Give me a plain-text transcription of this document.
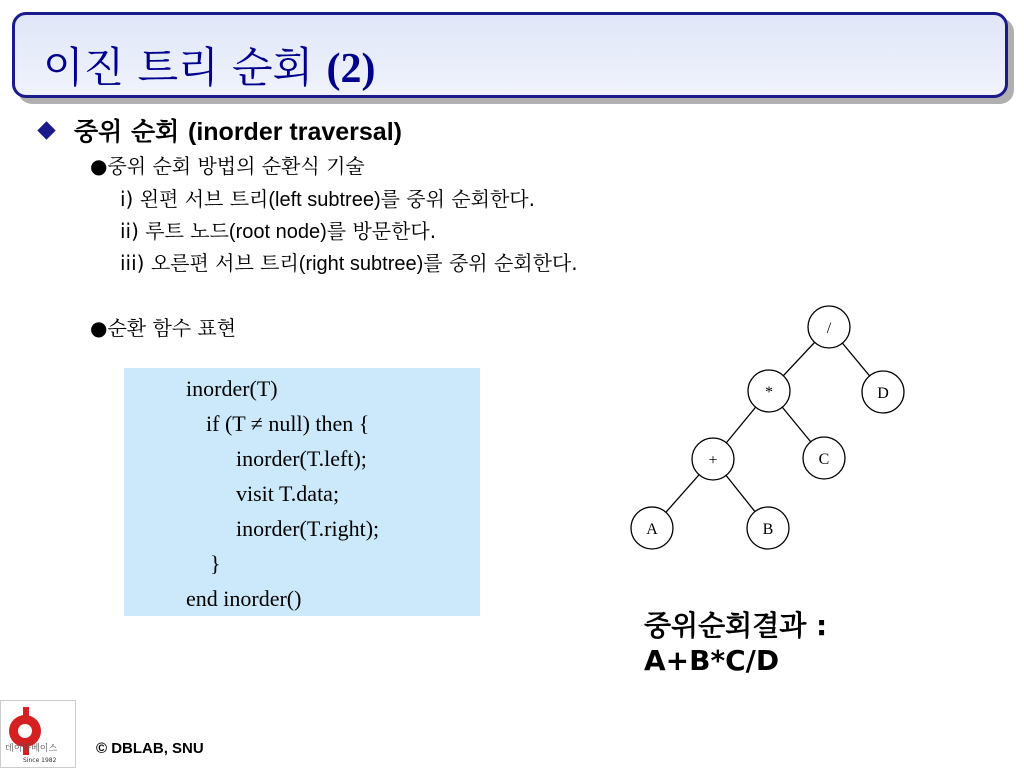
이진 트리 순회 (2)
중위 순회 (inorder traversal)
●중위 순회 방법의 순환식 기술
i) 왼편 서브 트리(left subtree)를 중위 순회한다.
ii) 루트 노드(root node)를 방문한다.
iii) 오른편 서브 트리(right subtree)를 중위 순회한다.
●순환 함수 표현
inorder(T)
if (T ≠ null) then {
inorder(T.left);
visit T.data;
inorder(T.right);
}
end inorder()
/
*	D
+	C
A	B
중위순회결과 :
A+B*C/D
데이타베이스
Since 1982
© DBLAB, SNU
